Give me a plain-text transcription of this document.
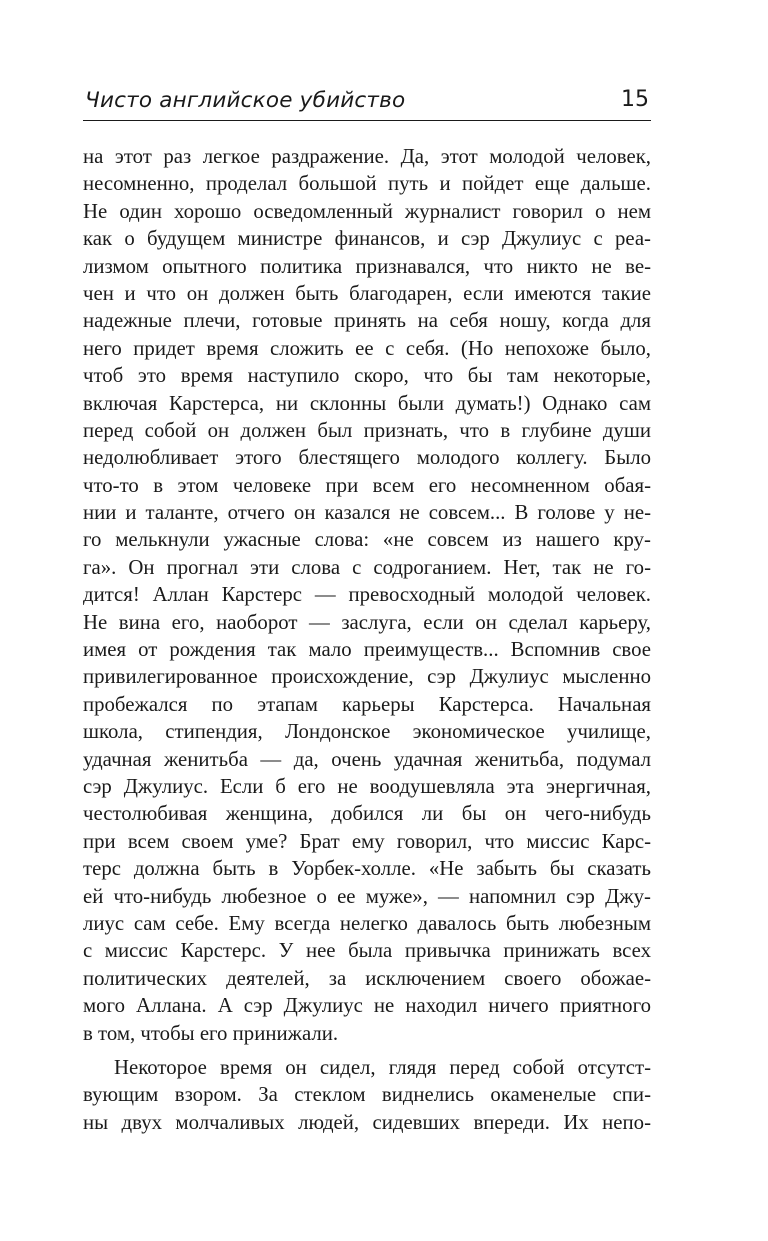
Чисто английское убийство	15
на этот раз легкое раздражение. Да, этот молодой человек,
несомненно, проделал большой путь и пойдет еще дальше.
Не один хорошо осведомленный журналист говорил о нем
как о будущем министре финансов, и сэр Джулиус с реа-
лизмом опытного политика признавался, что никто не ве-
чен и что он должен быть благодарен, если имеются такие
надежные плечи, готовые принять на себя ношу, когда для
него придет время сложить ее с себя. (Но непохоже было,
чтоб это время наступило скоро, что бы там некоторые,
включая Карстерса, ни склонны были думать!) Однако сам
перед собой он должен был признать, что в глубине души
недолюбливает этого блестящего молодого коллегу. Было
что-то в этом человеке при всем его несомненном обая-
нии и таланте, отчего он казался не совсем... В голове у не-
го мелькнули ужасные слова: «не совсем из нашего кру-
га». Он прогнал эти слова с содроганием. Нет, так не го-
дится! Аллан Карстерс — превосходный молодой человек.
Не вина его, наоборот — заслуга, если он сделал карьеру,
имея от рождения так мало преимуществ... Вспомнив свое
привилегированное происхождение, сэр Джулиус мысленно
пробежался по этапам карьеры Карстерса. Начальная
школа, стипендия, Лондонское экономическое училище,
удачная женитьба — да, очень удачная женитьба, подумал
сэр Джулиус. Если б его не воодушевляла эта энергичная,
честолюбивая женщина, добился ли бы он чего-нибудь
при всем своем уме? Брат ему говорил, что миссис Карс-
терс должна быть в Уорбек-холле. «Не забыть бы сказать
ей что-нибудь любезное о ее муже», — напомнил сэр Джу-
лиус сам себе. Ему всегда нелегко давалось быть любезным
с миссис Карстерс. У нее была привычка принижать всех
политических деятелей, за исключением своего обожае-
мого Аллана. А сэр Джулиус не находил ничего приятного
в том, чтобы его принижали.
Некоторое время он сидел, глядя перед собой отсутст-
вующим взором. За стеклом виднелись окаменелые спи-
ны двух молчаливых людей, сидевших впереди. Их непо-
